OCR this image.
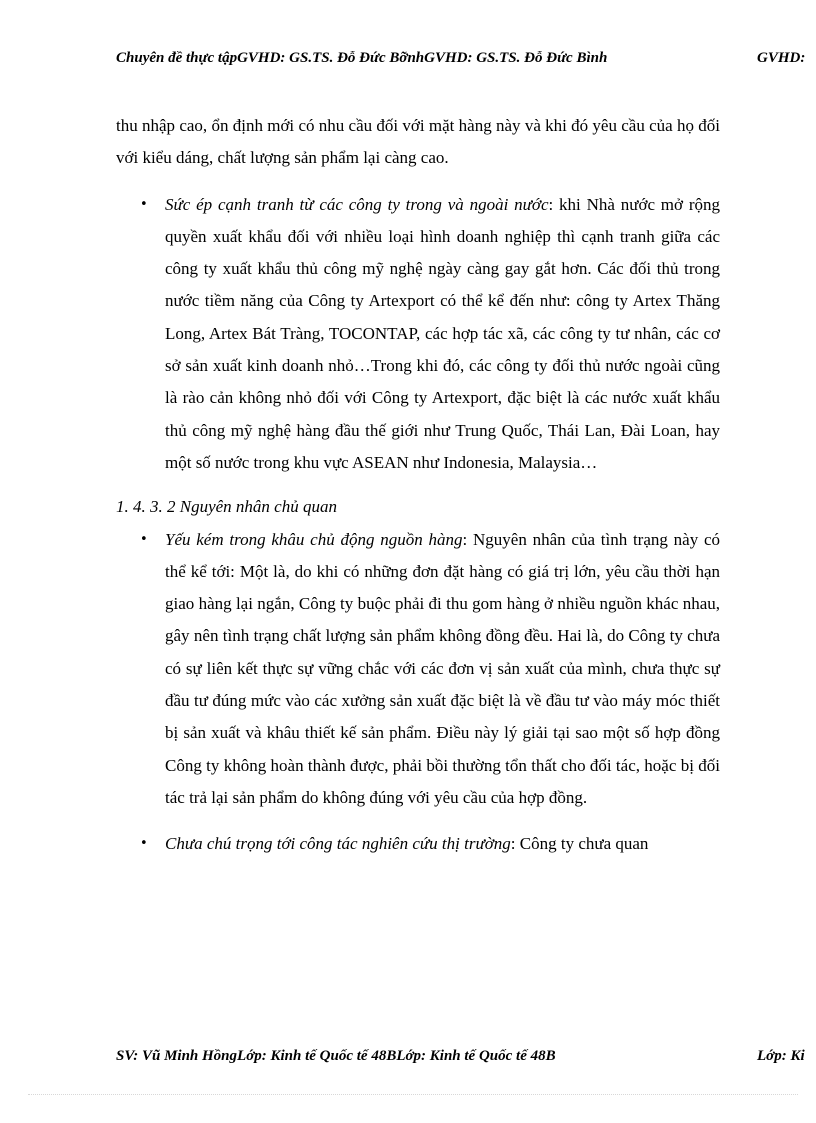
Chuyên đề thực tậpGVHD: GS.TS. Đỗ Đức BỡnhGVHD: GS.TS. Đỗ Đức Bình	GVHD:

thu nhập cao, ổn định mới có nhu cầu đối với mặt hàng này và khi đó yêu cầu của họ đối với kiểu dáng, chất lượng sản phẩm lại càng cao.

• Sức ép cạnh tranh từ các công ty trong và ngoài nước: khi Nhà nước mở rộng quyền xuất khẩu đối với nhiều loại hình doanh nghiệp thì cạnh tranh giữa các công ty xuất khẩu thủ công mỹ nghệ ngày càng gay gắt hơn. Các đối thủ trong nước tiềm năng của Công ty Artexport có thể kể đến như: công ty Artex Thăng Long, Artex Bát Tràng, TOCONTAP, các hợp tác xã, các công ty tư nhân, các cơ sở sản xuất kinh doanh nhỏ…Trong khi đó, các công ty đối thủ nước ngoài cũng là rào cản không nhỏ đối với Công ty Artexport, đặc biệt là các nước xuất khẩu thủ công mỹ nghệ hàng đầu thế giới như Trung Quốc, Thái Lan, Đài Loan, hay một số nước trong khu vực ASEAN như Indonesia, Malaysia…

1. 4. 3. 2 Nguyên nhân chủ quan

• Yếu kém trong khâu chủ động nguồn hàng: Nguyên nhân của tình trạng này có thể kể tới: Một là, do khi có những đơn đặt hàng có giá trị lớn, yêu cầu thời hạn giao hàng lại ngắn, Công ty buộc phải đi thu gom hàng ở nhiều nguồn khác nhau, gây nên tình trạng chất lượng sản phẩm không đồng đều. Hai là, do Công ty chưa có sự liên kết thực sự vững chắc với các đơn vị sản xuất của mình, chưa thực sự đầu tư đúng mức vào các xưởng sản xuất đặc biệt là về đầu tư vào máy móc thiết bị sản xuất và khâu thiết kế sản phẩm. Điều này lý giải tại sao một số hợp đồng Công ty không hoàn thành được, phải bồi thường tổn thất cho đối tác, hoặc bị đối tác trả lại sản phẩm do không đúng với yêu cầu của hợp đồng.
• Chưa chú trọng tới công tác nghiên cứu thị trường: Công ty chưa quan
SV: Vũ Minh HồngLớp: Kinh tế Quốc tế 48BLớp: Kinh tế Quốc tế 48B	Lớp: Ki
